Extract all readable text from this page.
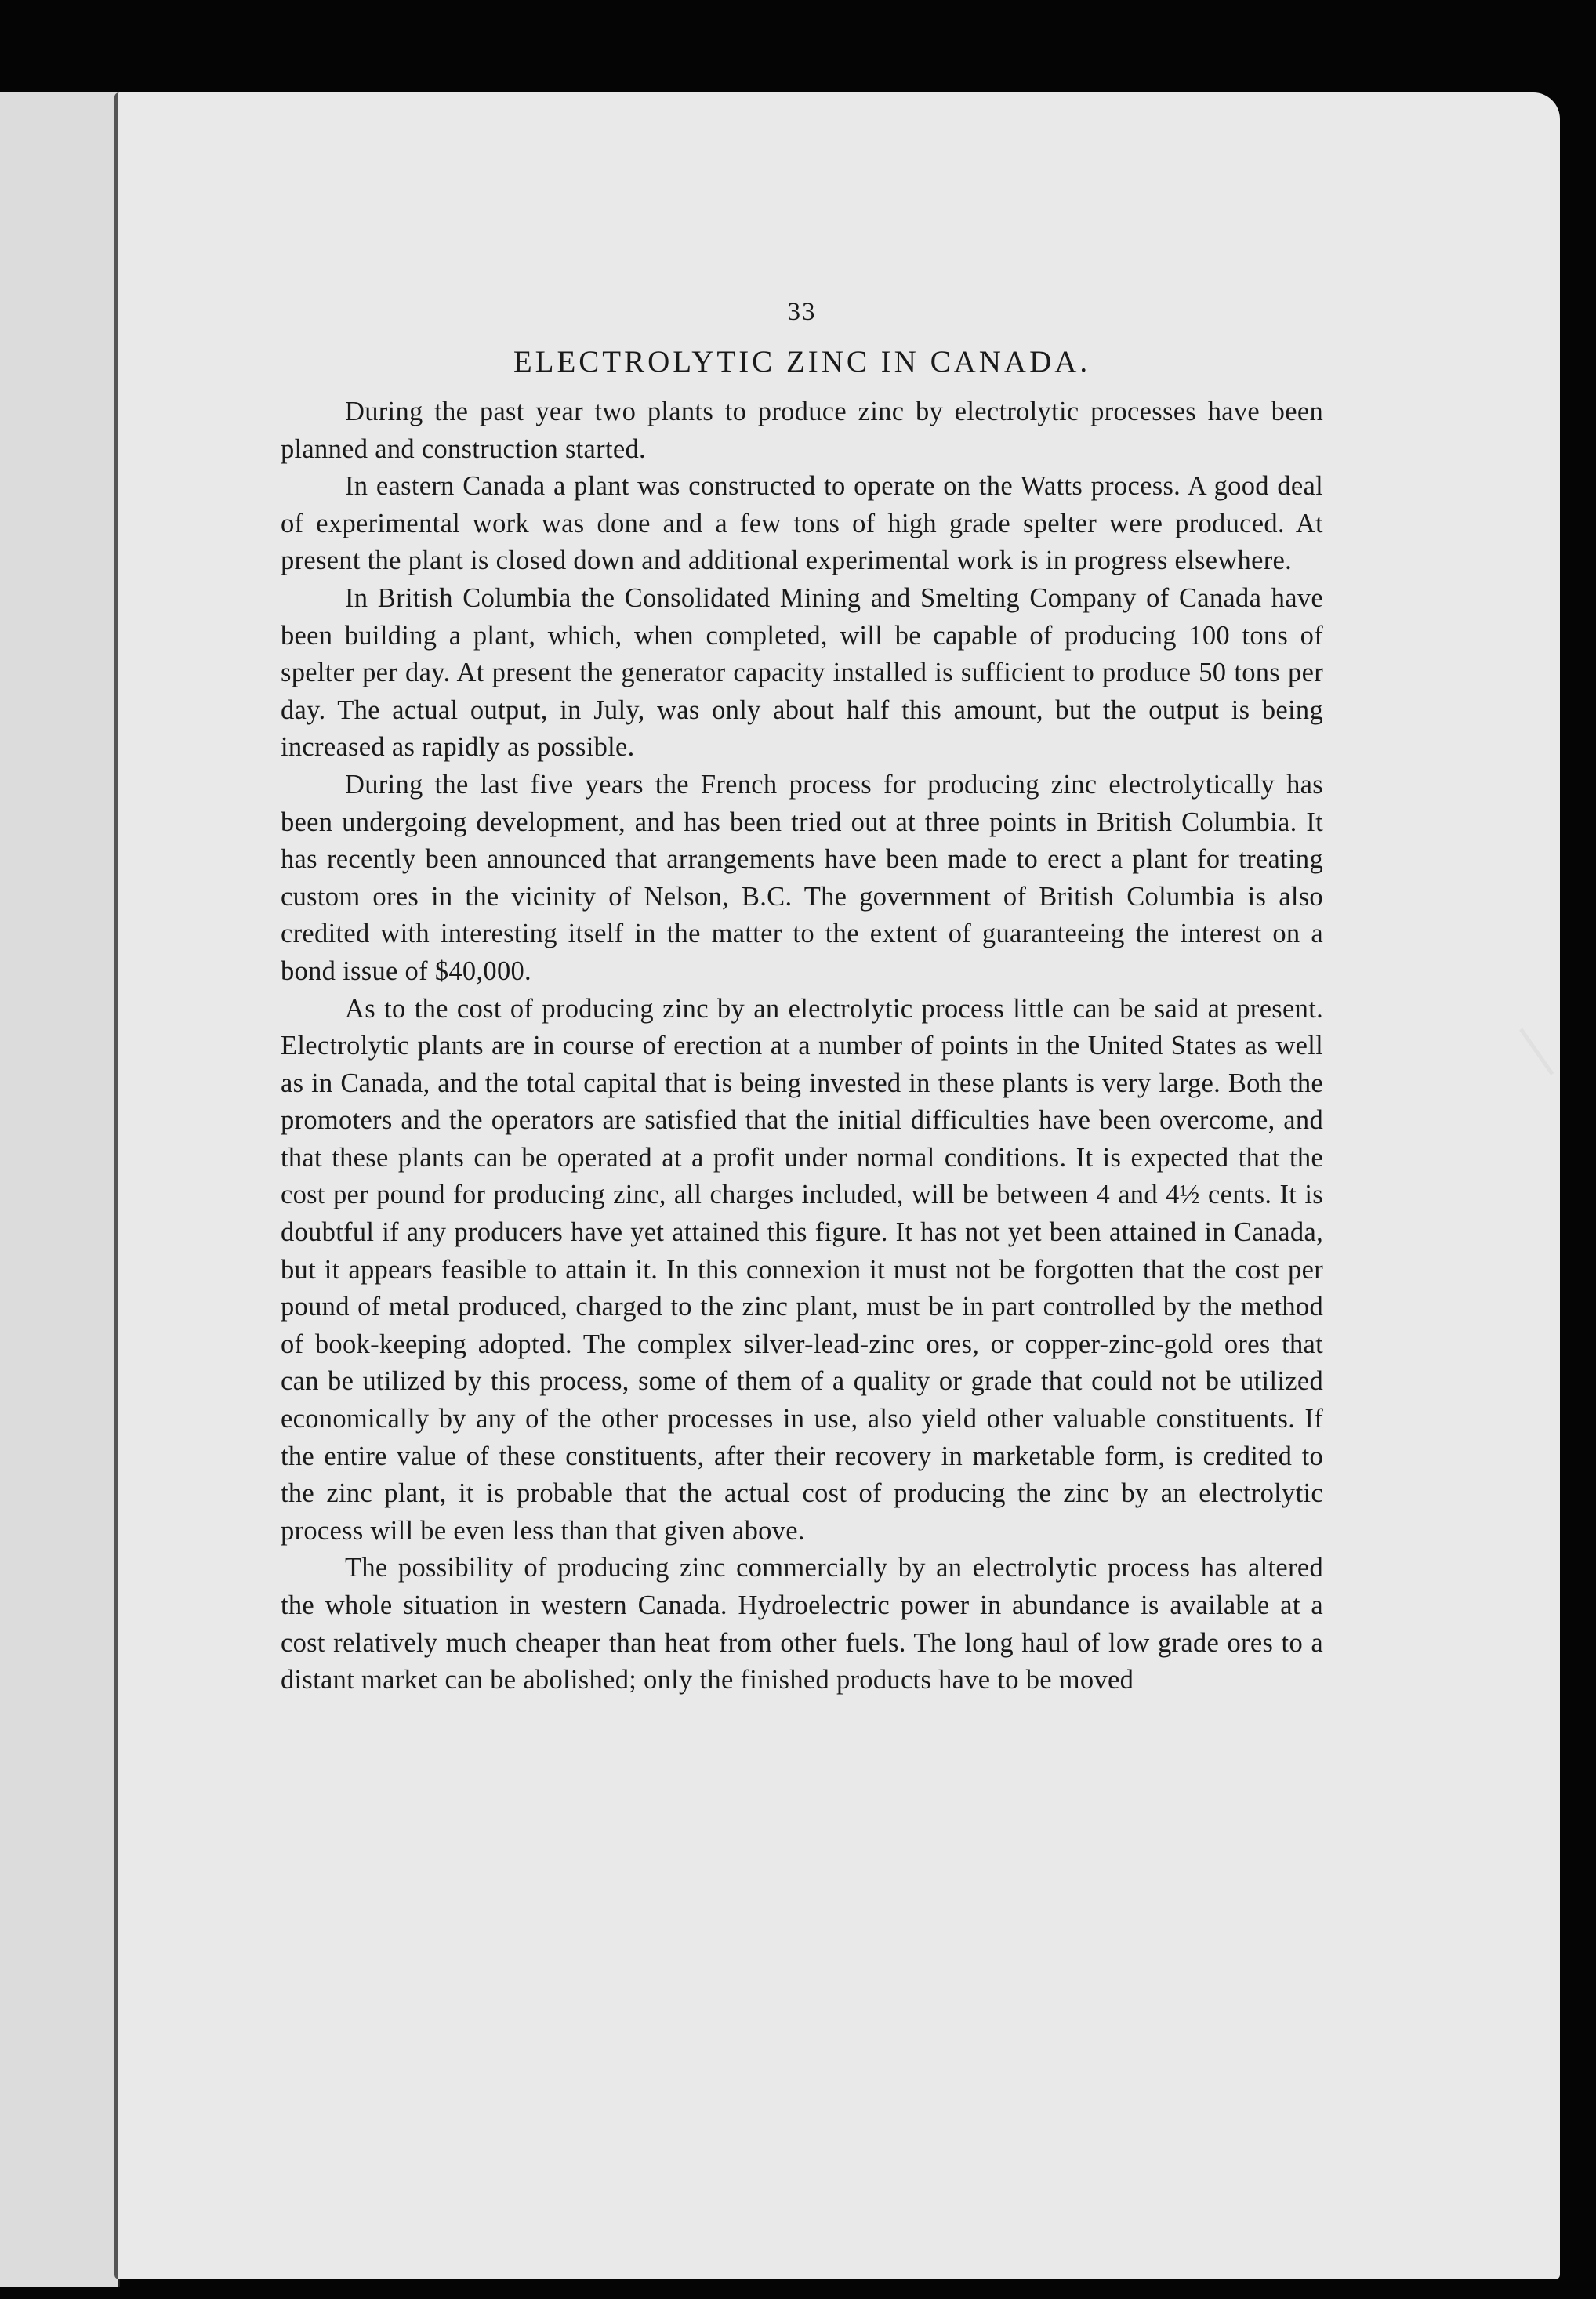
33
ELECTROLYTIC ZINC IN CANADA.

During the past year two plants to produce zinc by electrolytic processes have been planned and construction started.

In eastern Canada a plant was constructed to operate on the Watts process. A good deal of experimental work was done and a few tons of high grade spelter were produced. At present the plant is closed down and additional experimental work is in progress elsewhere.

In British Columbia the Consolidated Mining and Smelting Company of Canada have been building a plant, which, when completed, will be capable of producing 100 tons of spelter per day. At present the generator capacity installed is sufficient to produce 50 tons per day. The actual output, in July, was only about half this amount, but the output is being increased as rapidly as possible.

During the last five years the French process for producing zinc electrolytically has been undergoing development, and has been tried out at three points in British Columbia. It has recently been announced that arrangements have been made to erect a plant for treating custom ores in the vicinity of Nelson, B.C. The government of British Columbia is also credited with interesting itself in the matter to the extent of guaranteeing the interest on a bond issue of $40,000.

As to the cost of producing zinc by an electrolytic process little can be said at present. Electrolytic plants are in course of erection at a number of points in the United States as well as in Canada, and the total capital that is being invested in these plants is very large. Both the promoters and the operators are satisfied that the initial difficulties have been overcome, and that these plants can be operated at a profit under normal conditions. It is expected that the cost per pound for producing zinc, all charges included, will be between 4 and 4½ cents. It is doubtful if any producers have yet attained this figure. It has not yet been attained in Canada, but it appears feasible to attain it. In this connexion it must not be forgotten that the cost per pound of metal produced, charged to the zinc plant, must be in part controlled by the method of book-keeping adopted. The complex silver-lead-zinc ores, or copper-zinc-gold ores that can be utilized by this process, some of them of a quality or grade that could not be utilized economically by any of the other processes in use, also yield other valuable constituents. If the entire value of these constituents, after their recovery in marketable form, is credited to the zinc plant, it is probable that the actual cost of producing the zinc by an electrolytic process will be even less than that given above.

The possibility of producing zinc commercially by an electrolytic process has altered the whole situation in western Canada. Hydroelectric power in abundance is available at a cost relatively much cheaper than heat from other fuels. The long haul of low grade ores to a distant market can be abolished; only the finished products have to be moved
